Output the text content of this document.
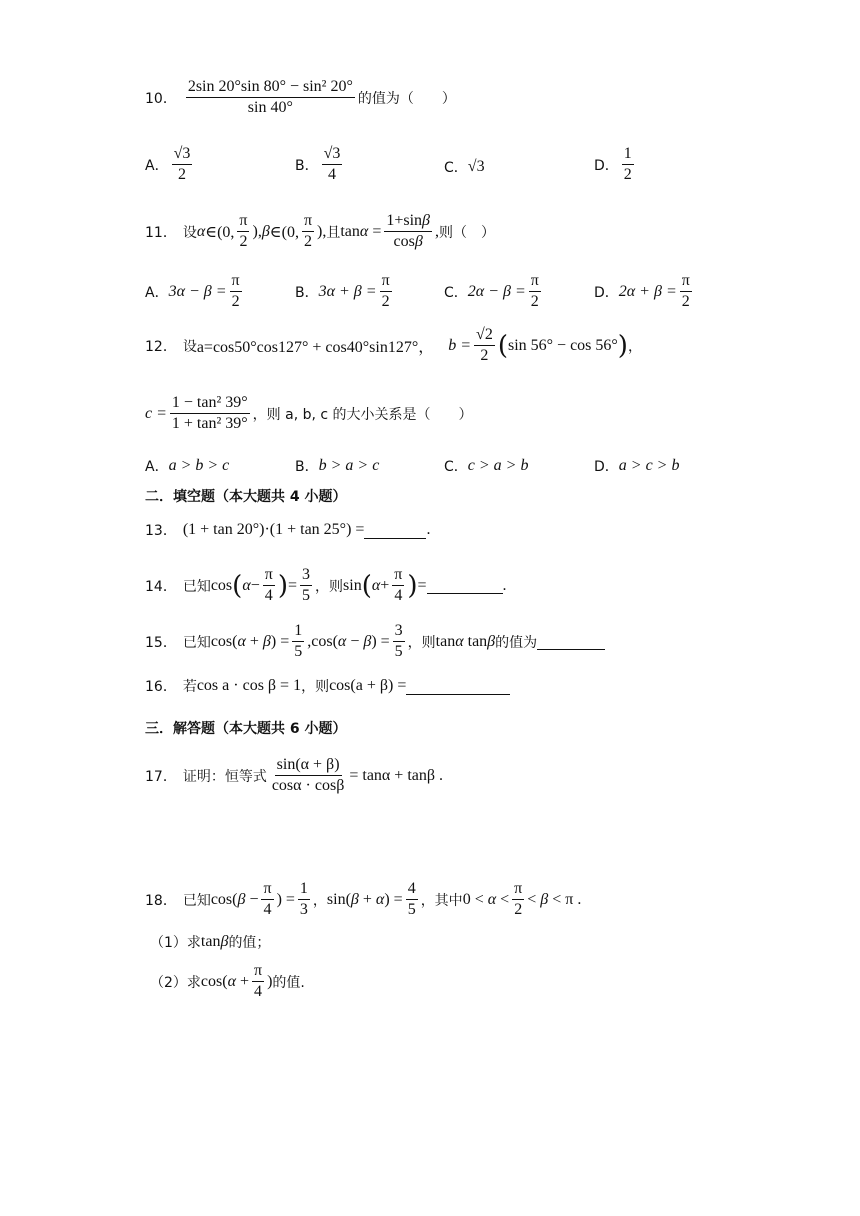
10． $\frac{\text{2sin 20°sin 80° − sin² 20°}}{\sin 40^\circ}$ 的值为（　　）
A． $\frac{√3}{2}$	B． $\frac{√3}{4}$	C． √3	D． $\frac{1}{2}$
11． 设 α ∈(0, $\frac{\pi}{2}$ ), β ∈(0, $\frac{\pi}{2}$ ), 且 $\tan \alpha = \frac{1+\sin\beta}{\cos\beta}$ , 则（　）
A． $3\alpha - \beta = \frac{\pi}{2}$	B． $3\alpha + \beta = \frac{\pi}{2}$	C． $2\alpha - \beta = \frac{\pi}{2}$	D． $2\alpha + \beta = \frac{\pi}{2}$
12． 设 a=cos50°cos127° + cos40°sin127°， $b = \frac{√2}{2}$ ( sin 56° − cos 56° ) ，
$c = \frac{\text{1 − tan² 39°}}{\text{1 + tan² 39°}}$ ，则 a, b, c 的大小关系是（　　）
A． a > b > c	B． b > a > c	C． c > a > b	D． a > c > b
二．填空题（本大题共 4 小题）
13． (1 + tan 20°)·(1 + tan 25°) =	.
14． 已知 cos ( $\alpha - \frac{\pi}{4}$ ) = $\frac{3}{5}$ ，则 sin ( $\alpha + \frac{\pi}{4}$ ) =	.
15． 已知 $\cos(\alpha + \beta) = \frac{1}{5} ,\cos(\alpha - \beta) = \frac{3}{5}$ ，则 tanα tanβ 的值为
16． 若 cos a · cos β = 1 ，则 cos(a + β) =
三．解答题（本大题共 6 小题）
17． 证明：恒等式 $\frac{\sin(\alpha + \beta)}{\cos\alpha \cdot \cos\beta} = \tan\alpha + \tan\beta$ .
18． 已知 $\cos(\beta - \frac{\pi}{4}$ ) = $\frac{1}{3}$ ， $\sin(\beta + \alpha) = \frac{4}{5}$ ，其中 $0 < \alpha < \frac{\pi}{2} < \beta < \pi$ .
（1）求 tanβ 的值；
（2）求 $\cos(\alpha + \frac{\pi}{4}$ ) 的值.
